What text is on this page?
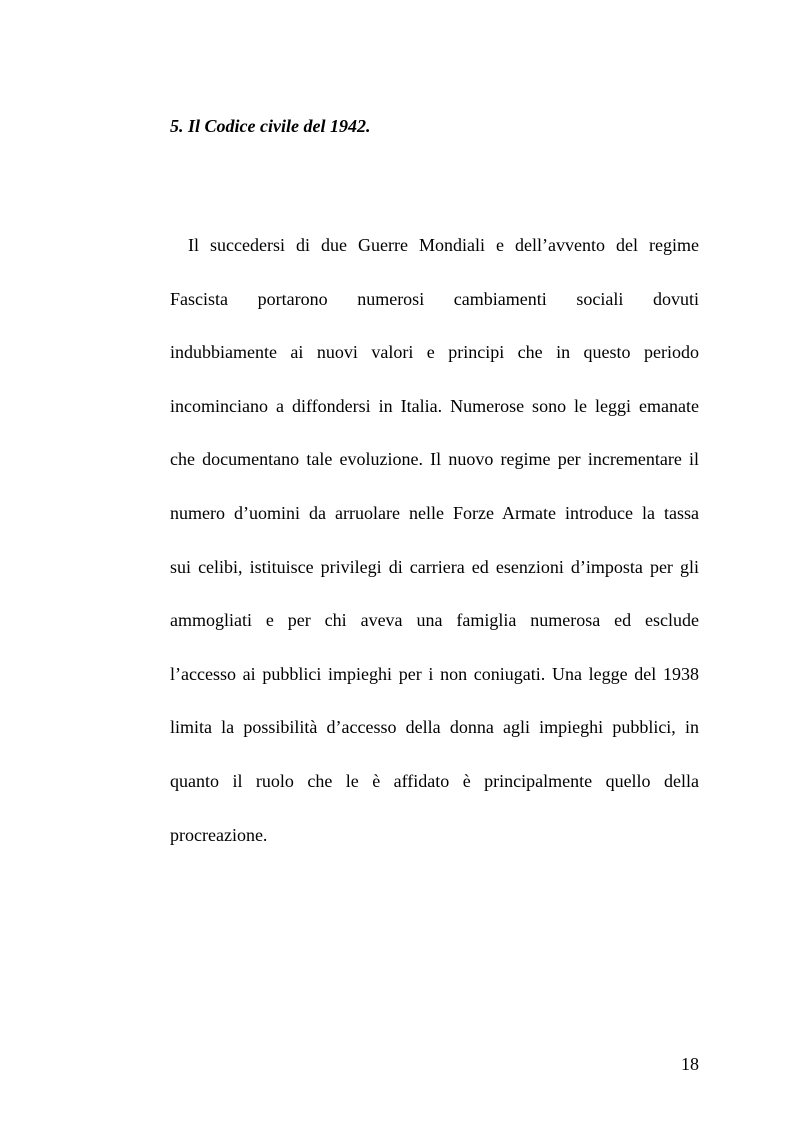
5. Il Codice civile del 1942.
Il succedersi di due Guerre Mondiali e dell’avvento del regime
Fascista portarono numerosi cambiamenti sociali dovuti
indubbiamente ai nuovi valori e principi che in questo periodo
incominciano a diffondersi in Italia. Numerose sono le leggi emanate
che documentano tale evoluzione. Il nuovo regime per incrementare il
numero d’uomini da arruolare nelle Forze Armate introduce la tassa
sui celibi, istituisce privilegi di carriera ed esenzioni d’imposta per gli
ammogliati e per chi aveva una famiglia numerosa ed esclude
l’accesso ai pubblici impieghi per i non coniugati. Una legge del 1938
limita la possibilità d’accesso della donna agli impieghi pubblici, in
quanto il ruolo che le è affidato è principalmente quello della
procreazione.
18
